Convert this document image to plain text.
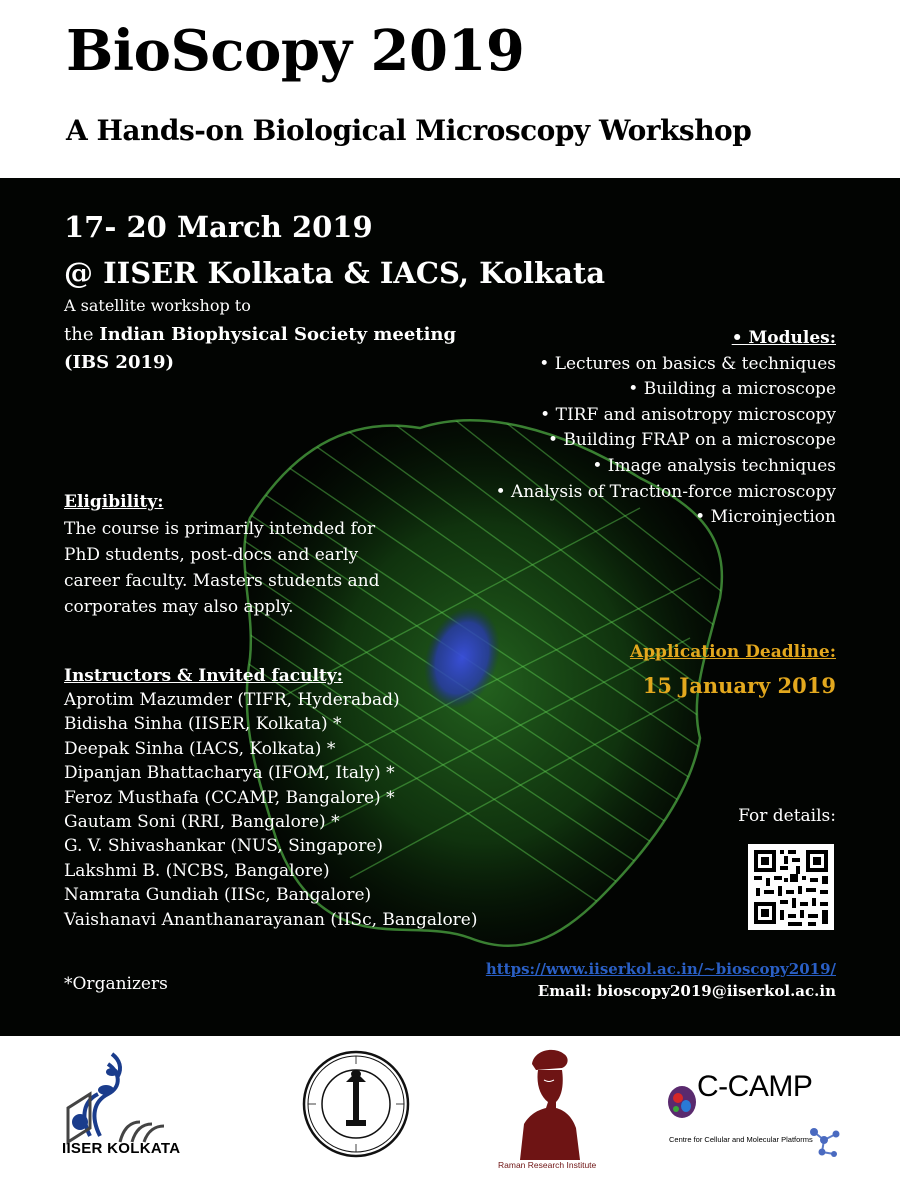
BioScopy 2019
A Hands-on Biological Microscopy Workshop
17- 20 March 2019
@ IISER Kolkata & IACS, Kolkata
A satellite workshop to
the Indian Biophysical Society meeting
(IBS 2019)
• Modules:
• Lectures on basics & techniques
• Building a microscope
• TIRF and anisotropy microscopy
• Building FRAP on a microscope
• Image analysis techniques
• Analysis of Traction-force microscopy
• Microinjection
Eligibility:
The course is primarily intended for PhD students, post-docs and early career faculty. Masters students and corporates may also apply.
Application Deadline:
15 January 2019
Instructors & Invited faculty:
Aprotim Mazumder (TIFR, Hyderabad)
Bidisha Sinha (IISER, Kolkata) *
Deepak Sinha (IACS, Kolkata) *
Dipanjan Bhattacharya (IFOM, Italy) *
Feroz Musthafa (CCAMP, Bangalore) *
Gautam Soni (RRI, Bangalore) *
G. V. Shivashankar (NUS, Singapore)
Lakshmi B. (NCBS, Bangalore)
Namrata Gundiah (IISc, Bangalore)
Vaishanavi Ananthanarayanan (IISc, Bangalore)
*Organizers
For details:
https://www.iiserkol.ac.in/~bioscopy2019/
Email: bioscopy2019@iiserkol.ac.in
IISER KOLKATA
Raman Research Institute
C-CAMP
Centre for Cellular and Molecular Platforms
